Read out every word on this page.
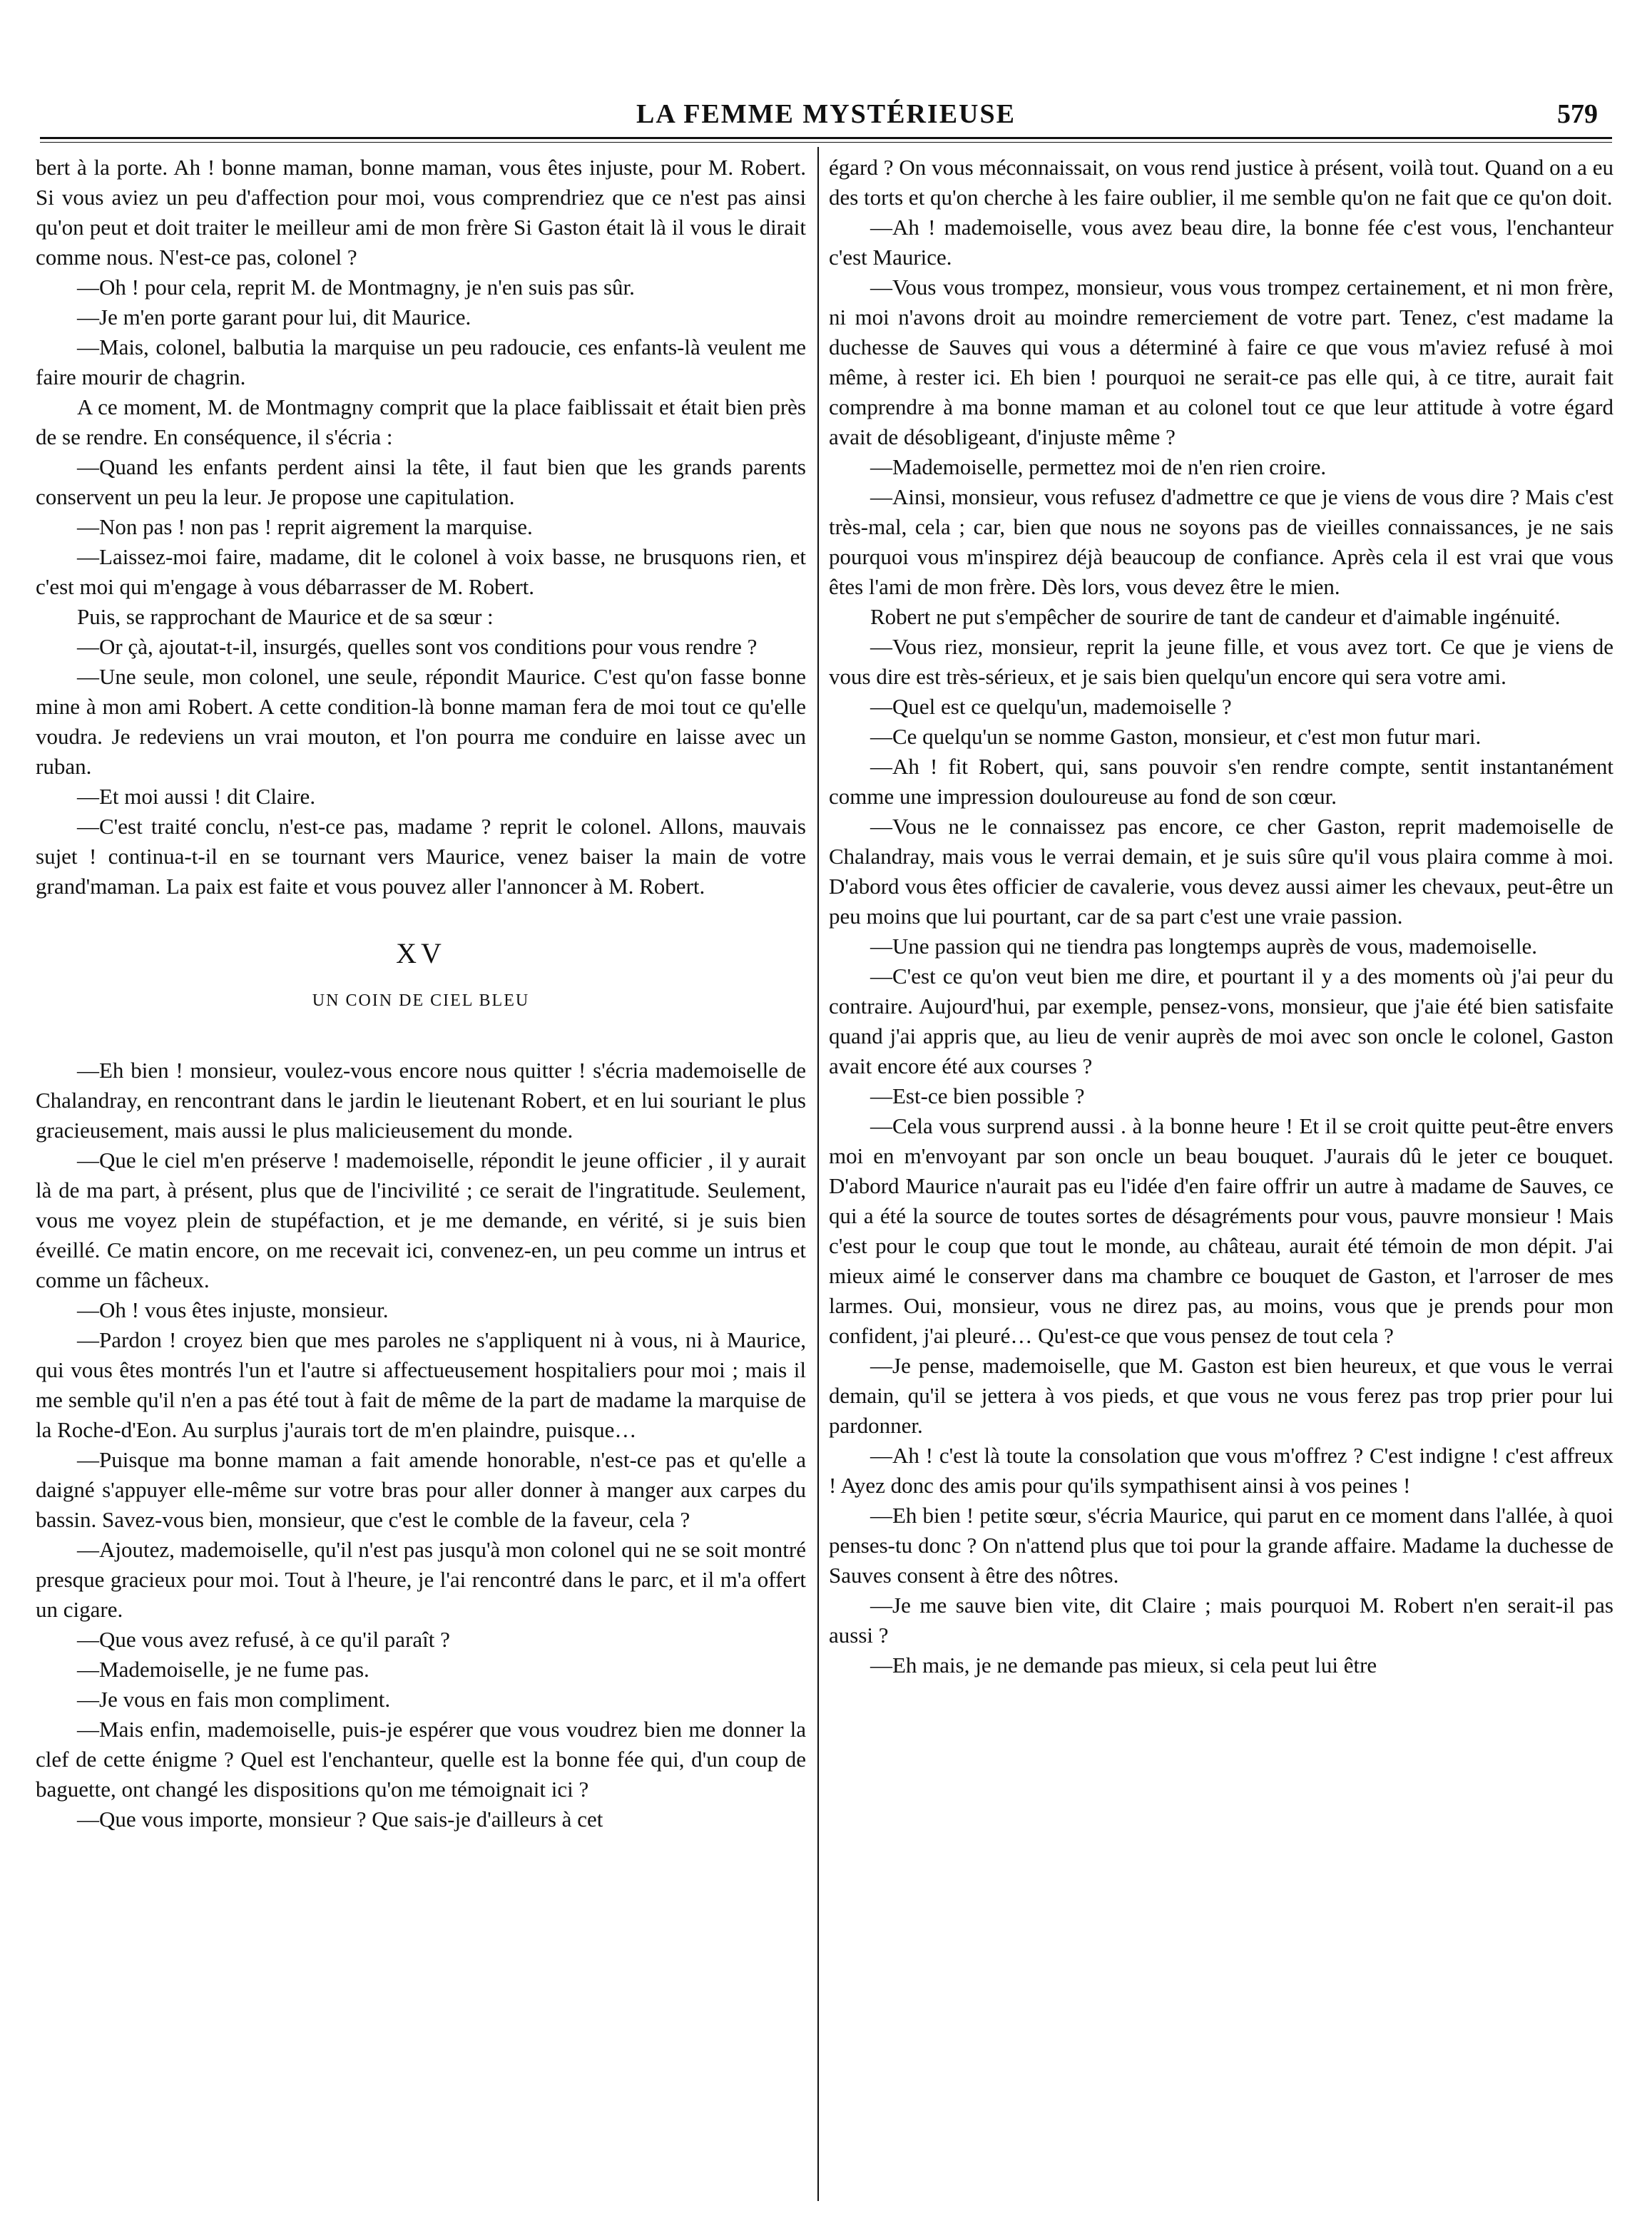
LA FEMME MYSTÉRIEUSE	579

bert à la porte. Ah ! bonne maman, bonne maman, vous êtes injuste, pour M. Robert. Si vous aviez un peu d'affection pour moi, vous comprendriez que ce n'est pas ainsi qu'on peut et doit traiter le meilleur ami de mon frère Si Gaston était là il vous le dirait comme nous. N'est-ce pas, colonel ?

—Oh ! pour cela, reprit M. de Montmagny, je n'en suis pas sûr.

—Je m'en porte garant pour lui, dit Maurice.

—Mais, colonel, balbutia la marquise un peu radoucie, ces enfants-là veulent me faire mourir de chagrin.

A ce moment, M. de Montmagny comprit que la place faiblissait et était bien près de se rendre. En conséquence, il s'écria :

—Quand les enfants perdent ainsi la tête, il faut bien que les grands parents conservent un peu la leur. Je propose une capitulation.

—Non pas ! non pas ! reprit aigrement la marquise.

—Laissez-moi faire, madame, dit le colonel à voix basse, ne brusquons rien, et c'est moi qui m'engage à vous débarrasser de M. Robert.

Puis, se rapprochant de Maurice et de sa sœur :

—Or çà, ajoutat-t-il, insurgés, quelles sont vos conditions pour vous rendre ?

—Une seule, mon colonel, une seule, répondit Maurice. C'est qu'on fasse bonne mine à mon ami Robert. A cette condition-là bonne maman fera de moi tout ce qu'elle voudra. Je redeviens un vrai mouton, et l'on pourra me conduire en laisse avec un ruban.

—Et moi aussi ! dit Claire.

—C'est traité conclu, n'est-ce pas, madame ? reprit le colonel. Allons, mauvais sujet ! continua-t-il en se tournant vers Maurice, venez baiser la main de votre grand'maman. La paix est faite et vous pouvez aller l'annoncer à M. Robert.

XV
UN COIN DE CIEL BLEU

—Eh bien ! monsieur, voulez-vous encore nous quitter ! s'écria mademoiselle de Chalandray, en rencontrant dans le jardin le lieutenant Robert, et en lui souriant le plus gracieusement, mais aussi le plus malicieusement du monde.

—Que le ciel m'en préserve ! mademoiselle, répondit le jeune officier , il y aurait là de ma part, à présent, plus que de l'incivilité ; ce serait de l'ingratitude. Seulement, vous me voyez plein de stupéfaction, et je me demande, en vérité, si je suis bien éveillé. Ce matin encore, on me recevait ici, convenez-en, un peu comme un intrus et comme un fâcheux.

—Oh ! vous êtes injuste, monsieur.

—Pardon ! croyez bien que mes paroles ne s'appliquent ni à vous, ni à Maurice, qui vous êtes montrés l'un et l'autre si affectueusement hospitaliers pour moi ; mais il me semble qu'il n'en a pas été tout à fait de même de la part de madame la marquise de la Roche-d'Eon. Au surplus j'aurais tort de m'en plaindre, puisque…

—Puisque ma bonne maman a fait amende honorable, n'est-ce pas et qu'elle a daigné s'appuyer elle-même sur votre bras pour aller donner à manger aux carpes du bassin. Savez-vous bien, monsieur, que c'est le comble de la faveur, cela ?

—Ajoutez, mademoiselle, qu'il n'est pas jusqu'à mon colonel qui ne se soit montré presque gracieux pour moi. Tout à l'heure, je l'ai rencontré dans le parc, et il m'a offert un cigare.

—Que vous avez refusé, à ce qu'il paraît ?

—Mademoiselle, je ne fume pas.

—Je vous en fais mon compliment.

—Mais enfin, mademoiselle, puis-je espérer que vous voudrez bien me donner la clef de cette énigme ? Quel est l'enchanteur, quelle est la bonne fée qui, d'un coup de baguette, ont changé les dispositions qu'on me témoignait ici ?

—Que vous importe, monsieur ? Que sais-je d'ailleurs à cet

égard ? On vous méconnaissait, on vous rend justice à présent, voilà tout. Quand on a eu des torts et qu'on cherche à les faire oublier, il me semble qu'on ne fait que ce qu'on doit.

—Ah ! mademoiselle, vous avez beau dire, la bonne fée c'est vous, l'enchanteur c'est Maurice.

—Vous vous trompez, monsieur, vous vous trompez certainement, et ni mon frère, ni moi n'avons droit au moindre remerciement de votre part. Tenez, c'est madame la duchesse de Sauves qui vous a déterminé à faire ce que vous m'aviez refusé à moi même, à rester ici. Eh bien ! pourquoi ne serait-ce pas elle qui, à ce titre, aurait fait comprendre à ma bonne maman et au colonel tout ce que leur attitude à votre égard avait de désobligeant, d'injuste même ?

—Mademoiselle, permettez moi de n'en rien croire.

—Ainsi, monsieur, vous refusez d'admettre ce que je viens de vous dire ? Mais c'est très-mal, cela ; car, bien que nous ne soyons pas de vieilles connaissances, je ne sais pourquoi vous m'inspirez déjà beaucoup de confiance. Après cela il est vrai que vous êtes l'ami de mon frère. Dès lors, vous devez être le mien.

Robert ne put s'empêcher de sourire de tant de candeur et d'aimable ingénuité.

—Vous riez, monsieur, reprit la jeune fille, et vous avez tort. Ce que je viens de vous dire est très-sérieux, et je sais bien quelqu'un encore qui sera votre ami.

—Quel est ce quelqu'un, mademoiselle ?

—Ce quelqu'un se nomme Gaston, monsieur, et c'est mon futur mari.

—Ah ! fit Robert, qui, sans pouvoir s'en rendre compte, sentit instantanément comme une impression douloureuse au fond de son cœur.

—Vous ne le connaissez pas encore, ce cher Gaston, reprit mademoiselle de Chalandray, mais vous le verrai demain, et je suis sûre qu'il vous plaira comme à moi. D'abord vous êtes officier de cavalerie, vous devez aussi aimer les chevaux, peut-être un peu moins que lui pourtant, car de sa part c'est une vraie passion.

—Une passion qui ne tiendra pas longtemps auprès de vous, mademoiselle.

—C'est ce qu'on veut bien me dire, et pourtant il y a des moments où j'ai peur du contraire. Aujourd'hui, par exemple, pensez-vons, monsieur, que j'aie été bien satisfaite quand j'ai appris que, au lieu de venir auprès de moi avec son oncle le colonel, Gaston avait encore été aux courses ?

—Est-ce bien possible ?

—Cela vous surprend aussi . à la bonne heure ! Et il se croit quitte peut-être envers moi en m'envoyant par son oncle un beau bouquet. J'aurais dû le jeter ce bouquet. D'abord Maurice n'aurait pas eu l'idée d'en faire offrir un autre à madame de Sauves, ce qui a été la source de toutes sortes de désagréments pour vous, pauvre monsieur ! Mais c'est pour le coup que tout le monde, au château, aurait été témoin de mon dépit. J'ai mieux aimé le conserver dans ma chambre ce bouquet de Gaston, et l'arroser de mes larmes. Oui, monsieur, vous ne direz pas, au moins, vous que je prends pour mon confident, j'ai pleuré… Qu'est-ce que vous pensez de tout cela ?

—Je pense, mademoiselle, que M. Gaston est bien heureux, et que vous le verrai demain, qu'il se jettera à vos pieds, et que vous ne vous ferez pas trop prier pour lui pardonner.

—Ah ! c'est là toute la consolation que vous m'offrez ? C'est indigne ! c'est affreux ! Ayez donc des amis pour qu'ils sympathisent ainsi à vos peines !

—Eh bien ! petite sœur, s'écria Maurice, qui parut en ce moment dans l'allée, à quoi penses-tu donc ? On n'attend plus que toi pour la grande affaire. Madame la duchesse de Sauves consent à être des nôtres.

—Je me sauve bien vite, dit Claire ; mais pourquoi M. Robert n'en serait-il pas aussi ?

—Eh mais, je ne demande pas mieux, si cela peut lui être
